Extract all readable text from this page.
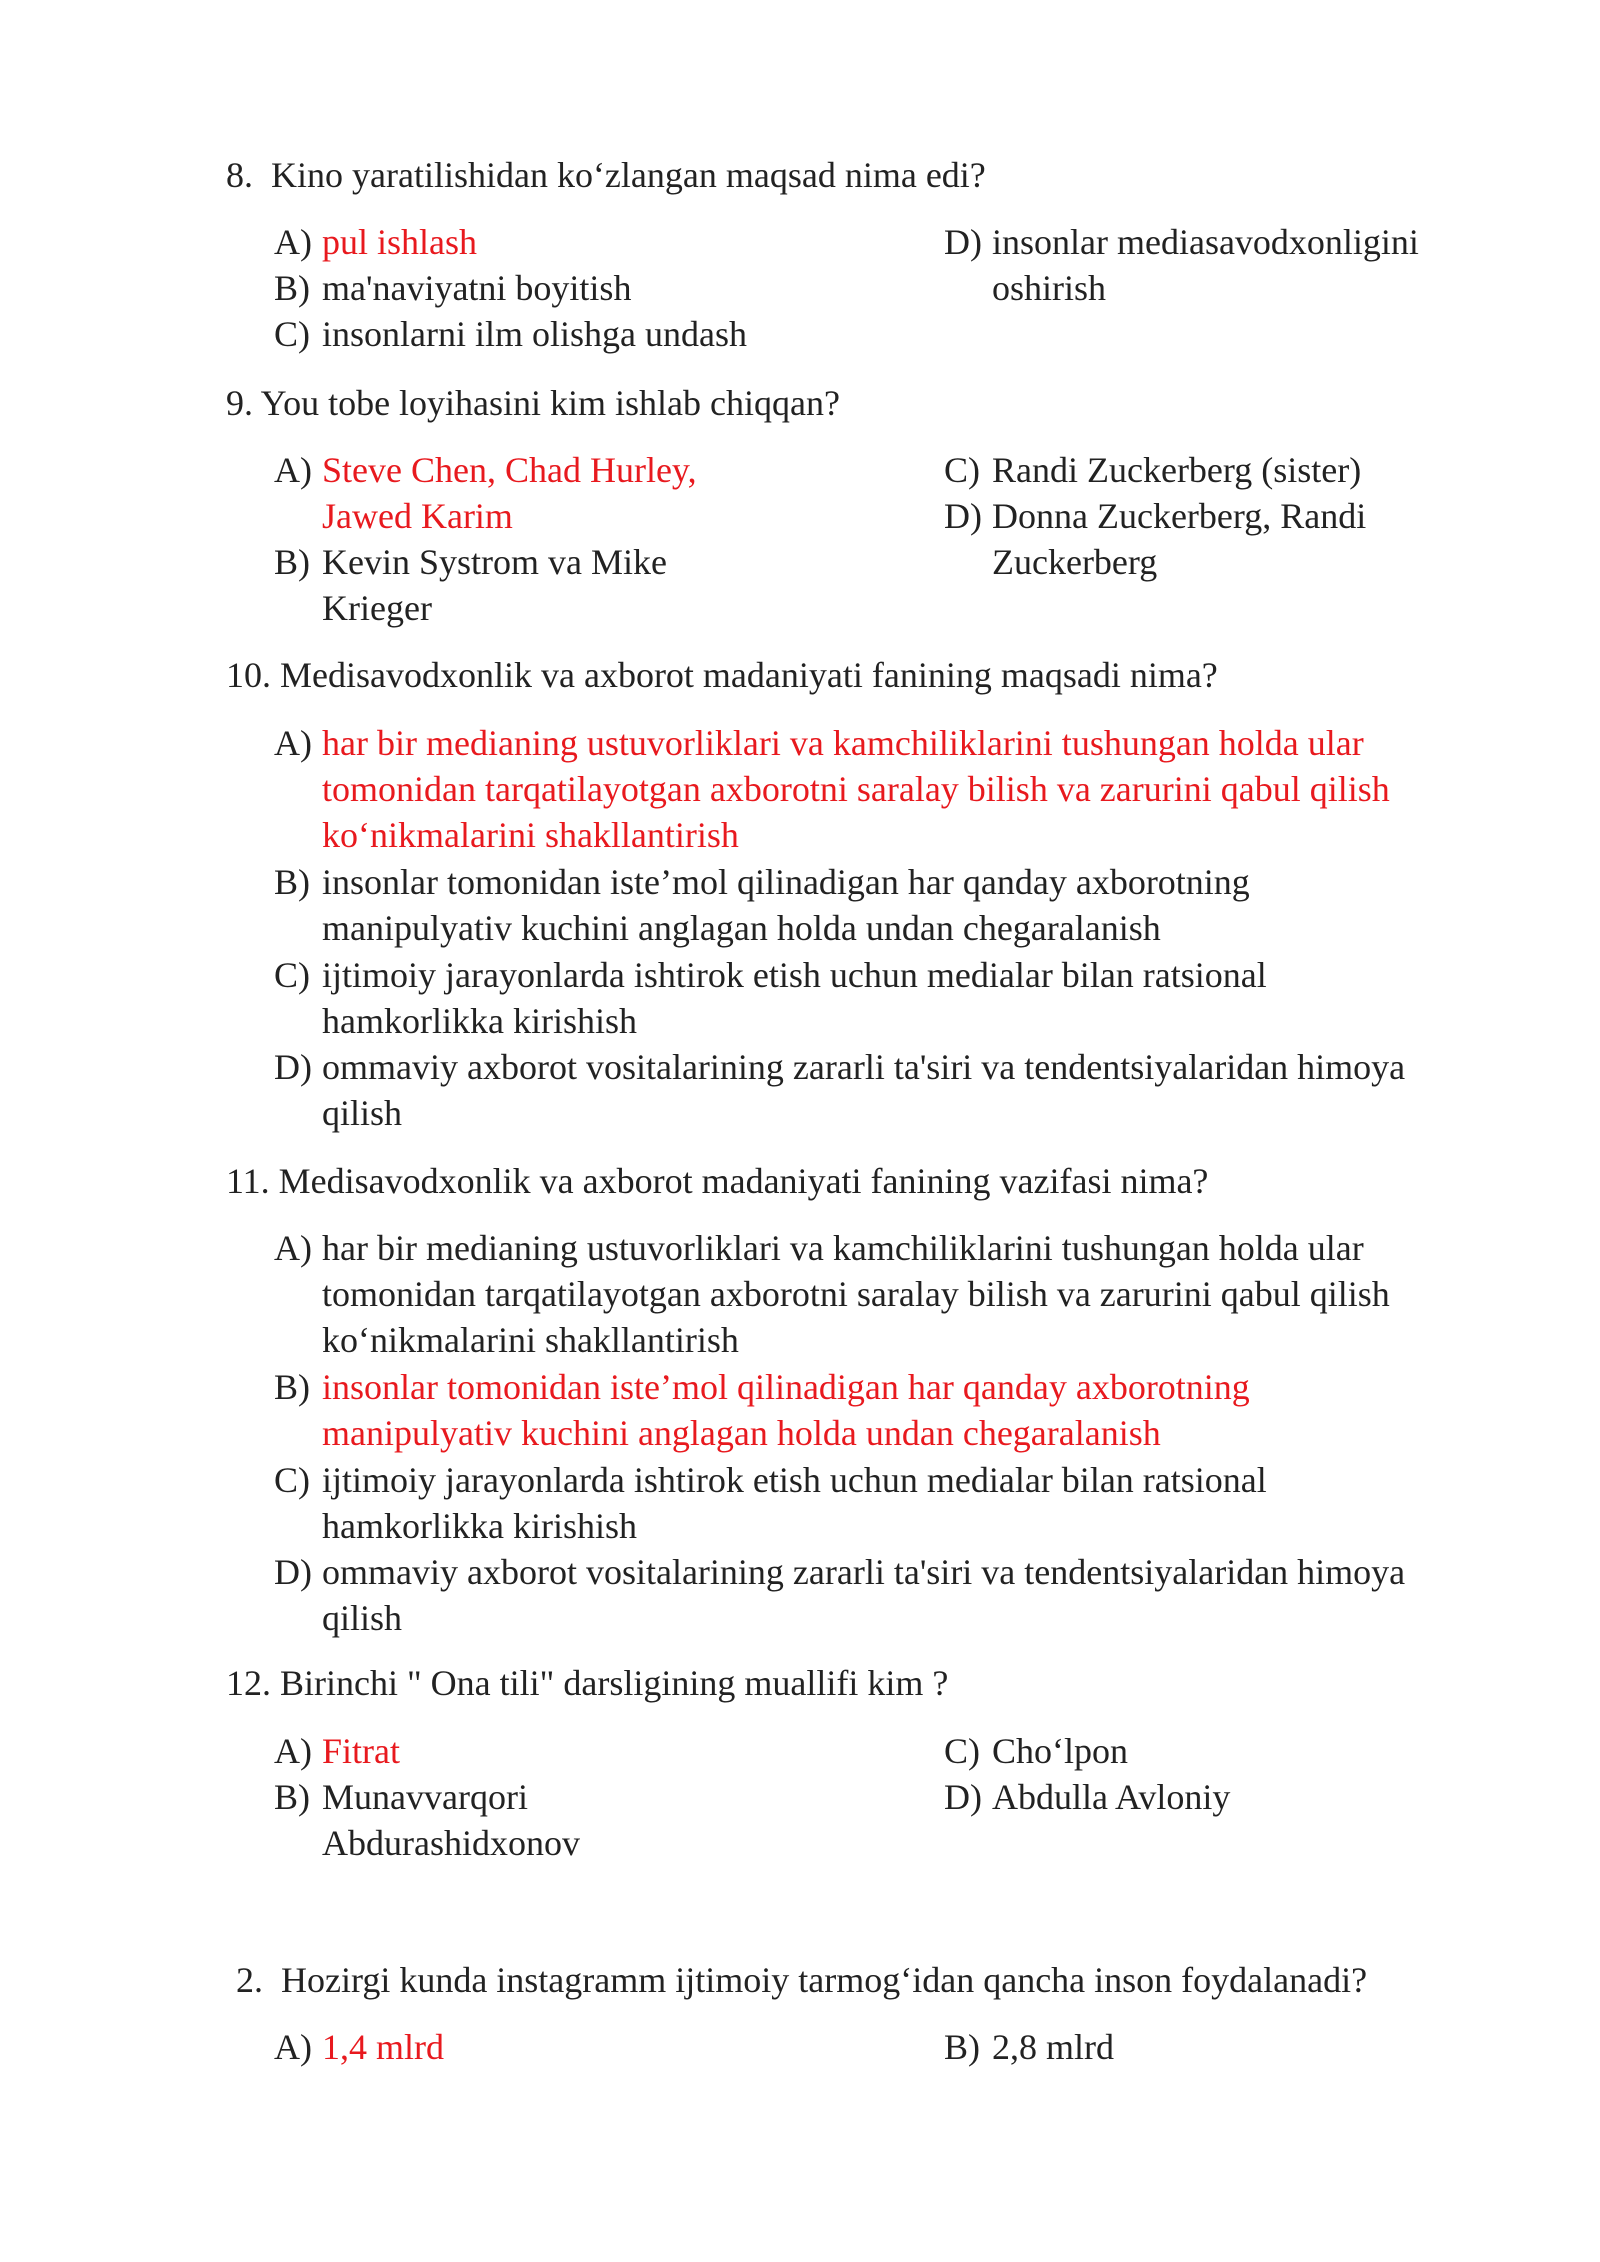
8. Kino yaratilishidan ko‘zlangan maqsad nima edi?
A) pul ishlash
B) ma'naviyatni boyitish
C) insonlarni ilm olishga undash
D) insonlar mediasavodxonligini oshirish
9. You tobe loyihasini kim ishlab chiqqan?
A) Steve Chen, Chad Hurley, Jawed Karim
B) Kevin Systrom va Mike Krieger
C) Randi Zuckerberg (sister)
D) Donna Zuckerberg, Randi Zuckerberg
10. Medisavodxonlik va axborot madaniyati fanining maqsadi nima?
A) har bir medianing ustuvorliklari va kamchiliklarini tushungan holda ular tomonidan tarqatilayotgan axborotni saralay bilish va zarurini qabul qilish ko‘nikmalarini shakllantirish
B) insonlar tomonidan iste’mol qilinadigan har qanday axborotning manipulyativ kuchini anglagan holda undan chegaralanish
C) ijtimoiy jarayonlarda ishtirok etish uchun medialar bilan ratsional hamkorlikka kirishish
D) ommaviy axborot vositalarining zararli ta'siri va tendentsiyalaridan himoya qilish
11. Medisavodxonlik va axborot madaniyati fanining vazifasi nima?
A) har bir medianing ustuvorliklari va kamchiliklarini tushungan holda ular tomonidan tarqatilayotgan axborotni saralay bilish va zarurini qabul qilish ko‘nikmalarini shakllantirish
B) insonlar tomonidan iste’mol qilinadigan har qanday axborotning manipulyativ kuchini anglagan holda undan chegaralanish
C) ijtimoiy jarayonlarda ishtirok etish uchun medialar bilan ratsional hamkorlikka kirishish
D) ommaviy axborot vositalarining zararli ta'siri va tendentsiyalaridan himoya qilish
12. Birinchi " Ona tili" darsligining muallifi kim ?
A) Fitrat
B) Munavvarqori Abdurashidxonov
C) Cho‘lpon
D) Abdulla Avloniy
2. Hozirgi kunda instagramm ijtimoiy tarmog‘idan qancha inson foydalanadi?
A) 1,4 mlrd	B) 2,8 mlrd
